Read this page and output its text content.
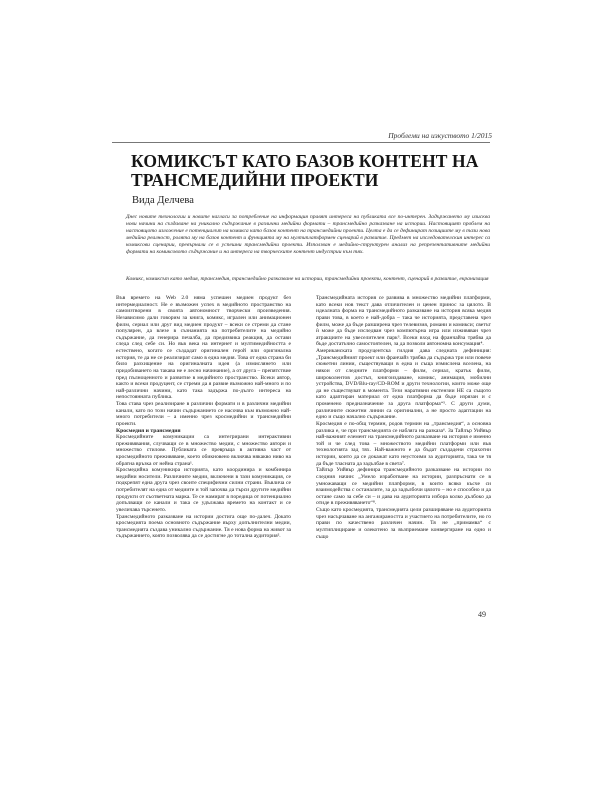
Проблеми на изкуството 1/2015
КОМИКСЪТ КАТО БАЗОВ КОНТЕНТ НА ТРАНСМЕДИЙНИ ПРОЕКТИ

Вида Делчева

Днес новите технологии и новите нагласи за потребление на информация правят интереса на публиката все по-интерен. Задържането му изисква нови начини на създаване на уникално съдържание в различни медийни формати – трансмедийно разказване на истории. Настоящият проблем на настоящото изложение е потенциалът на комикса като базов контент на трансмедийни проекти. Целта е да се дефинират позициите му в тази нова медийна реалност, ролята му на базов контент и функцията му на мултиплатформен сценарий в развитие. Предмет на изследователския интерес са комиксови сценарии, превърнали се в успешни трансмедийни проекти. Използван е медийно-структурен анализ на репрезентативните медийни формати на комиксовото съдържание и на интереса на творческите контент индустрии към тях.

Комикс, комиксът като медия, трансмедия, трансмедийно разказване на истории, трансмедийни проекти, контент, сценарий в развитие, екранизация

Във времето на Web 2.0 няма успешен медиен продукт без интермедиалност. Не е възможен успех в медийното пространство на самоизтворени в своята автономност творчески произведения. Независимо дали говорим за книга, комикс, игрален или анимационен филм, сериал или друг вид медиен продукт – всеки се стреми да стане популярен, да влезе в съзнанията на потребителите на медийно съдържание, да генерира печалба, да предизвика реакция, да остави следа след себе си. Но във века на интернет и мултимедийността е естествено, когато се създадат оригинален герой или оригинална история, те да не се реализират само в една медия. Това от една страна би било разхищение на оригиналната идея (а измислянето или придобиването на такава не е лесно начинание), а от друга – препятствие пред пълноценното и развитие в медийното пространство. Всеки автор, както и всеки продуцент, се стреми да я развие възможно най-много и по най-различни начини, като така задържа по-дълго интереса на непостоянната публика.

Това става чрез реализиране в различни формати и в различни медийни канали, като по този начин съдържанието се насочва към възможно най-много потребители – а именно чрез кросмедийни и трансмедийни проекти.

Кросмедия и трансмедия

Кросмедийните комуникации са интегрирани интерактивни преживявания, случващи се в множество медии, с множество автори и множество стилове. Публиката се превръща в активна част от кросмедийното преживяване, което обикновено включва някакво ниво на обратна връзка от нейна страна¹.

Кросмедийна комуникира историята, като координира и комбинира медийни носители. Различните медии, включени в тази комуникация, се подкрепят една друга чрез своите специфични силни страни. Въвлича се потребителят на една от медиите и той започва да търси другите медийни продукти от съответната марка. Те се намират в поредица от потенциално допълващи се канали и така се удължава времето на контакт и се увеличава търсенето.

Трансмедийното разказване на истории достига още по-далеч. Докато кросмедията поема основното съдържание върху допълнителни медии, трансмедията създава уникално съдържание. Тя е нова форма на живот за съдържанието, която позволява да се достигне до тотална аудитория².

Трансмедийната история се развива в множество медийни платформи, като всеки нов текст дава отличителен и ценен принос за цялото. В идеалната форма на трансмедийното разказване на история всяка медия прави това, в което е най-добра – така че историята, представена чрез филм, може да бъде разширена чрез телевизия, романи и комикси; светът ѝ може да бъде изследван чрез компютърна игра или изживяван чрез атракциите на увеселителен парк³. Всеки вход на франчайза трябва да бъде достатъчно самостоятелен, за да позволи автономна консумация⁴.

Американската продуцентска гилдия дава следната дефиниция: „Трансмедийният проект или франчайз трябва да съдържа три или повече сюжетни линии, съществуващи в една и съща измислена вселена, на някои от следните платформи – филм, сериал, кратък филм, широколентов достъп, книгоиздаване, комикс, анимация, мобилни устройства, DVD/Blu-ray/CD-ROM и други технологии, които може още да не съществуват в момента. Тези наративни екстензии НЕ са същото като адаптиран материал от една платформа да бъде изрязан и с променено предназначение за друга платформа“⁵. С други думи, различните сюжетни линии са оригинални, а не просто адаптации на едно и също начално съдържание.

Кросмедия е по-общ термин, родов термин на „трансмедия“, а основна разлика е, че при трансмедията се набляга на разказа⁶. За Тайлър Уийвър най-важният елемент на трансмедийното разказване на история е именно той и че след това – множеството медийни платформи или във технологията зад тях. Най-важното е да бъдат създадени страхотни истории, които да се докажат като неустоими за аудиторията, така че тя да бъде тласната да задълбае в света⁷.

Тайлър Уийвър дефинира трансмедийното разказване на истории по следния начин: „Умело изработване на истории, разпръснати се в умножаващи се медийни платформи, в които всяко късче си взаимодейства с останалите, за да задълбочи цялото – но е способно и да остане само за себе си – и дава на аудиторията избора колко дълбоко да отиде в преживяването“⁸.

Също като кросмедията, трансмедията цели разширяване на аудиторията чрез насърчаване на ангажираността и участието на потребителите, но го прави по качествено различен начин. Тя не „примамва“ с мултиплициране и олекотено за възприемане конвергиране на едно и също

49
